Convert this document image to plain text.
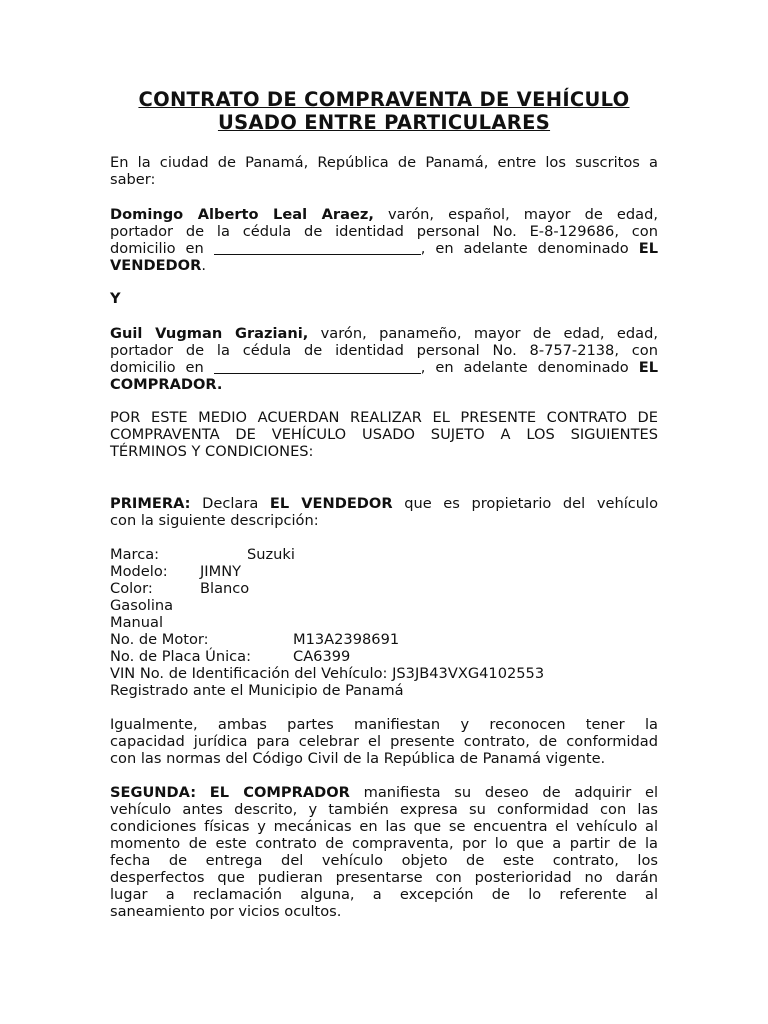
CONTRATO DE COMPRAVENTA DE VEHÍCULO
USADO ENTRE PARTICULARES
En la ciudad de Panamá, República de Panamá, entre los suscritos a
saber:
Domingo Alberto Leal Araez, varón, español, mayor de edad,
portador de la cédula de identidad personal No. E-8-129686, con
domicilio en	, en adelante denominado EL
VENDEDOR.
Y
Guil Vugman Graziani, varón, panameño, mayor de edad, edad,
portador de la cédula de identidad personal No. 8-757-2138, con
domicilio en	, en adelante denominado EL
COMPRADOR.
POR ESTE MEDIO ACUERDAN REALIZAR EL PRESENTE CONTRATO DE
COMPRAVENTA DE VEHÍCULO USADO SUJETO A LOS SIGUIENTES
TÉRMINOS Y CONDICIONES:
PRIMERA: Declara EL VENDEDOR que es propietario del vehículo
con la siguiente descripción:
Marca:	Suzuki
Modelo: JIMNY
Color:	Blanco
Gasolina
Manual
No. de Motor:	M13A2398691
No. de Placa Única:	CA6399
VIN No. de Identificación del Vehículo: JS3JB43VXG4102553
Registrado ante el Municipio de Panamá
Igualmente, ambas partes manifiestan y reconocen tener la
capacidad jurídica para celebrar el presente contrato, de conformidad
con las normas del Código Civil de la República de Panamá vigente.
SEGUNDA: EL COMPRADOR manifiesta su deseo de adquirir el
vehículo antes descrito, y también expresa su conformidad con las
condiciones físicas y mecánicas en las que se encuentra el vehículo al
momento de este contrato de compraventa, por lo que a partir de la
fecha de entrega del vehículo objeto de este contrato, los
desperfectos que pudieran presentarse con posterioridad no darán
lugar a reclamación alguna, a excepción de lo referente al
saneamiento por vicios ocultos.
